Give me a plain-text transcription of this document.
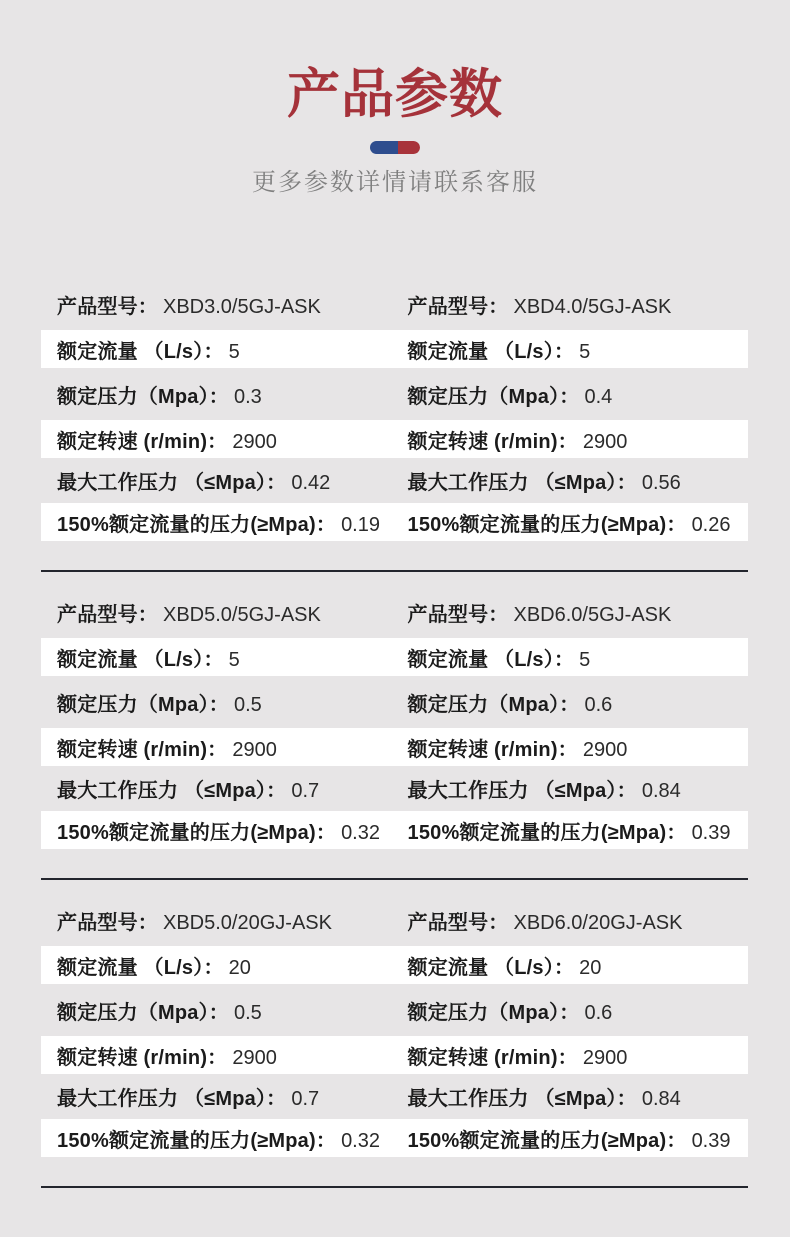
产品参数

更多参数详情请联系客服

产品型号： XBD3.0/5GJ-ASK	产品型号： XBD4.0/5GJ-ASK
额定流量 （L/s）： 5	额定流量 （L/s）： 5
额定压力（Mpa）： 0.3	额定压力（Mpa）： 0.4
额定转速 (r/min)： 2900	额定转速 (r/min)： 2900
最大工作压力 （≤Mpa）： 0.42	最大工作压力 （≤Mpa）： 0.56
150%额定流量的压力(≥Mpa)： 0.19 150%额定流量的压力(≥Mpa)： 0.26
产品型号： XBD5.0/5GJ-ASK	产品型号： XBD6.0/5GJ-ASK
额定流量 （L/s）： 5	额定流量 （L/s）： 5
额定压力（Mpa）： 0.5	额定压力（Mpa）： 0.6
额定转速 (r/min)： 2900	额定转速 (r/min)： 2900
最大工作压力 （≤Mpa）： 0.7	最大工作压力 （≤Mpa）： 0.84
150%额定流量的压力(≥Mpa)： 0.32 150%额定流量的压力(≥Mpa)： 0.39
产品型号： XBD5.0/20GJ-ASK	产品型号： XBD6.0/20GJ-ASK
额定流量 （L/s）： 20	额定流量 （L/s）： 20
额定压力（Mpa）： 0.5	额定压力（Mpa）： 0.6
额定转速 (r/min)： 2900	额定转速 (r/min)： 2900
最大工作压力 （≤Mpa）： 0.7	最大工作压力 （≤Mpa）： 0.84
150%额定流量的压力(≥Mpa)： 0.32 150%额定流量的压力(≥Mpa)： 0.39
